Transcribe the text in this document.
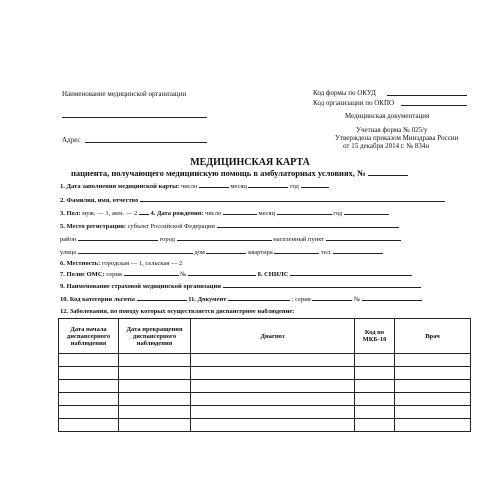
Наименование медицинской организации
Адрес
Код формы по ОКУД
Код организации по ОКПО
Медицинская документация
Учетная форма № 025/у
Утверждена приказом Минздрава России
от 15 декабря 2014 г. № 834н
МЕДИЦИНСКАЯ КАРТА
пациента, получающего медицинскую помощь в амбулаторных условиях, №
1. Дата заполнения медицинской карты: число	месяц	год
2. Фамилия, имя, отчество
3. Пол: муж. — 1, жен. — 2 4. Дата рождения: число	месяц	год
5. Место регистрации: субъект Российской Федерации
район	город	населенный пункт
улица	дом	квартира	тел.
6. Местность: городская — 1, сельская — 2
7. Полис ОМС: серия	№	8. СНИЛС
9. Наименование страховой медицинской организации
10. Код категории льготы	11. Документ	; серия	№
12. Заболевания, по поводу которых осуществляется диспансерное наблюдение:
Дата начала диспансерного наблюдения	Дата прекращения диспансерного наблюдения	Диагноз	Код по МКБ-10	Врач
